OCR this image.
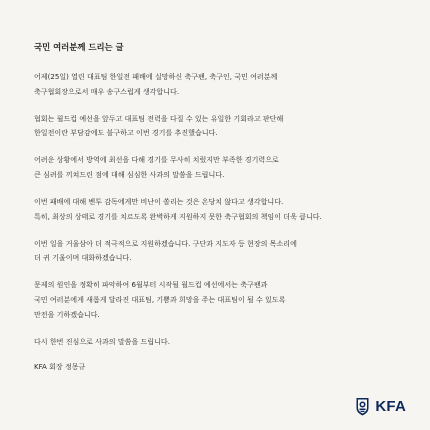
국민 여러분께 드리는 글
어제(25일) 열린 대표팀 한일전 패배에 실망하신 축구팬, 축구인, 국민 여러분께
축구협회장으로서 매우 송구스럽게 생각합니다.
협회는 월드컵 예선을 앞두고 대표팀 전력을 다질 수 있는 유일한 기회라고 판단해
한일전이란 부담감에도 불구하고 이번 경기를 추진했습니다.
어려운 상황에서 방역에 최선을 다해 경기를 무사히 치렀지만 부족한 경기력으로
큰 심려를 끼쳐드린 점에 대해 심심한 사과의 말씀을 드립니다.
이번 패배에 대해 벤투 감독에게만 비난이 쏠리는 것은 온당치 않다고 생각합니다.
특히, 최상의 상태로 경기를 치르도록 완벽하게 지원하지 못한 축구협회의 책임이 더욱 큽니다.
이번 일을 거울삼아 더 적극적으로 지원하겠습니다. 구단과 지도자 등 현장의 목소리에
더 귀 기울이며 대화하겠습니다.
문제의 원인을 정확히 파악하여 6월부터 시작될 월드컵 예선에서는 축구팬과
국민 여러분에게 새롭게 달라진 대표팀, 기쁨과 희망을 주는 대표팀이 될 수 있도록
만전을 기하겠습니다.
다시 한번 진심으로 사과의 말씀을 드립니다.
KFA 회장 정몽규
KFA
